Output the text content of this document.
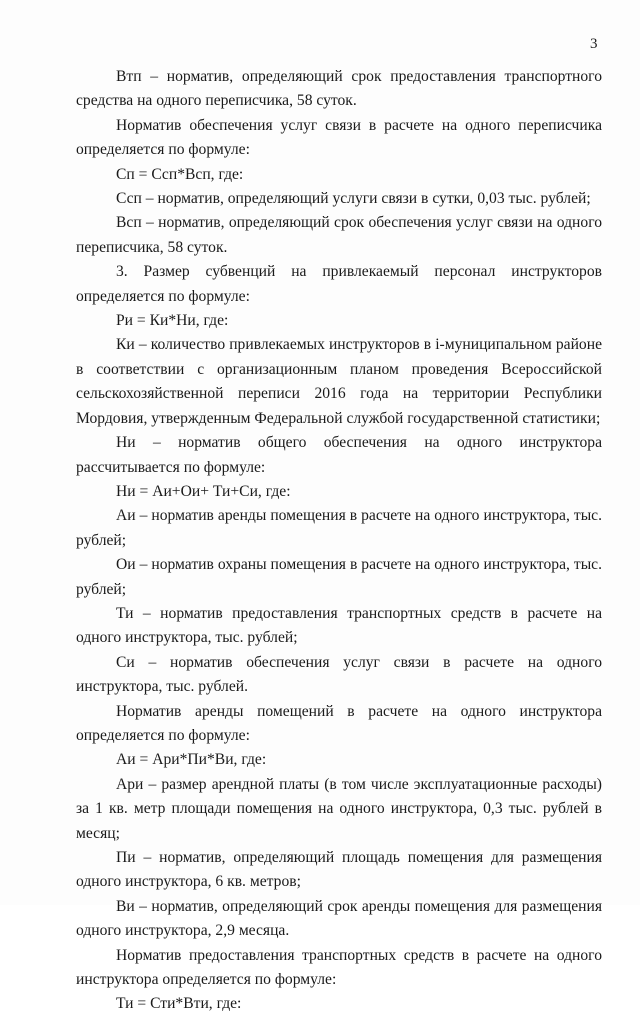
3

Втп – норматив, определяющий срок предоставления транспортного средства на одного переписчика, 58 суток.

Норматив обеспечения услуг связи в расчете на одного переписчика определяется по формуле:

Сп = Ссп*Всп, где:

Ссп – норматив, определяющий услуги связи в сутки, 0,03 тыс. рублей;

Всп – норматив, определяющий срок обеспечения услуг связи на одного переписчика, 58 суток.

3. Размер субвенций на привлекаемый персонал инструкторов определяется по формуле:

Ри = Ки*Ни, где:

Ки – количество привлекаемых инструкторов в i-муниципальном районе в соответствии с организационным планом проведения Всероссийской сельскохозяйственной переписи 2016 года на территории Республики Мордовия, утвержденным Федеральной службой государственной статистики;

Ни – норматив общего обеспечения на одного инструктора рассчитывается по формуле:

Ни = Аи+Ои+ Ти+Си, где:

Аи – норматив аренды помещения в расчете на одного инструктора, тыс. рублей;

Ои – норматив охраны помещения в расчете на одного инструктора, тыс. рублей;

Ти – норматив предоставления транспортных средств в расчете на одного инструктора, тыс. рублей;

Си – норматив обеспечения услуг связи в расчете на одного инструктора, тыс. рублей.

Норматив аренды помещений в расчете на одного инструктора определяется по формуле:

Аи = Ари*Пи*Ви, где:

Ари – размер арендной платы (в том числе эксплуатационные расходы) за 1 кв. метр площади помещения на одного инструктора, 0,3 тыс. рублей в месяц;

Пи – норматив, определяющий площадь помещения для размещения одного инструктора, 6 кв. метров;

Ви – норматив, определяющий срок аренды помещения для размещения одного инструктора, 2,9 месяца.

Норматив предоставления транспортных средств в расчете на одного инструктора определяется по формуле:

Ти = Сти*Вти, где:
